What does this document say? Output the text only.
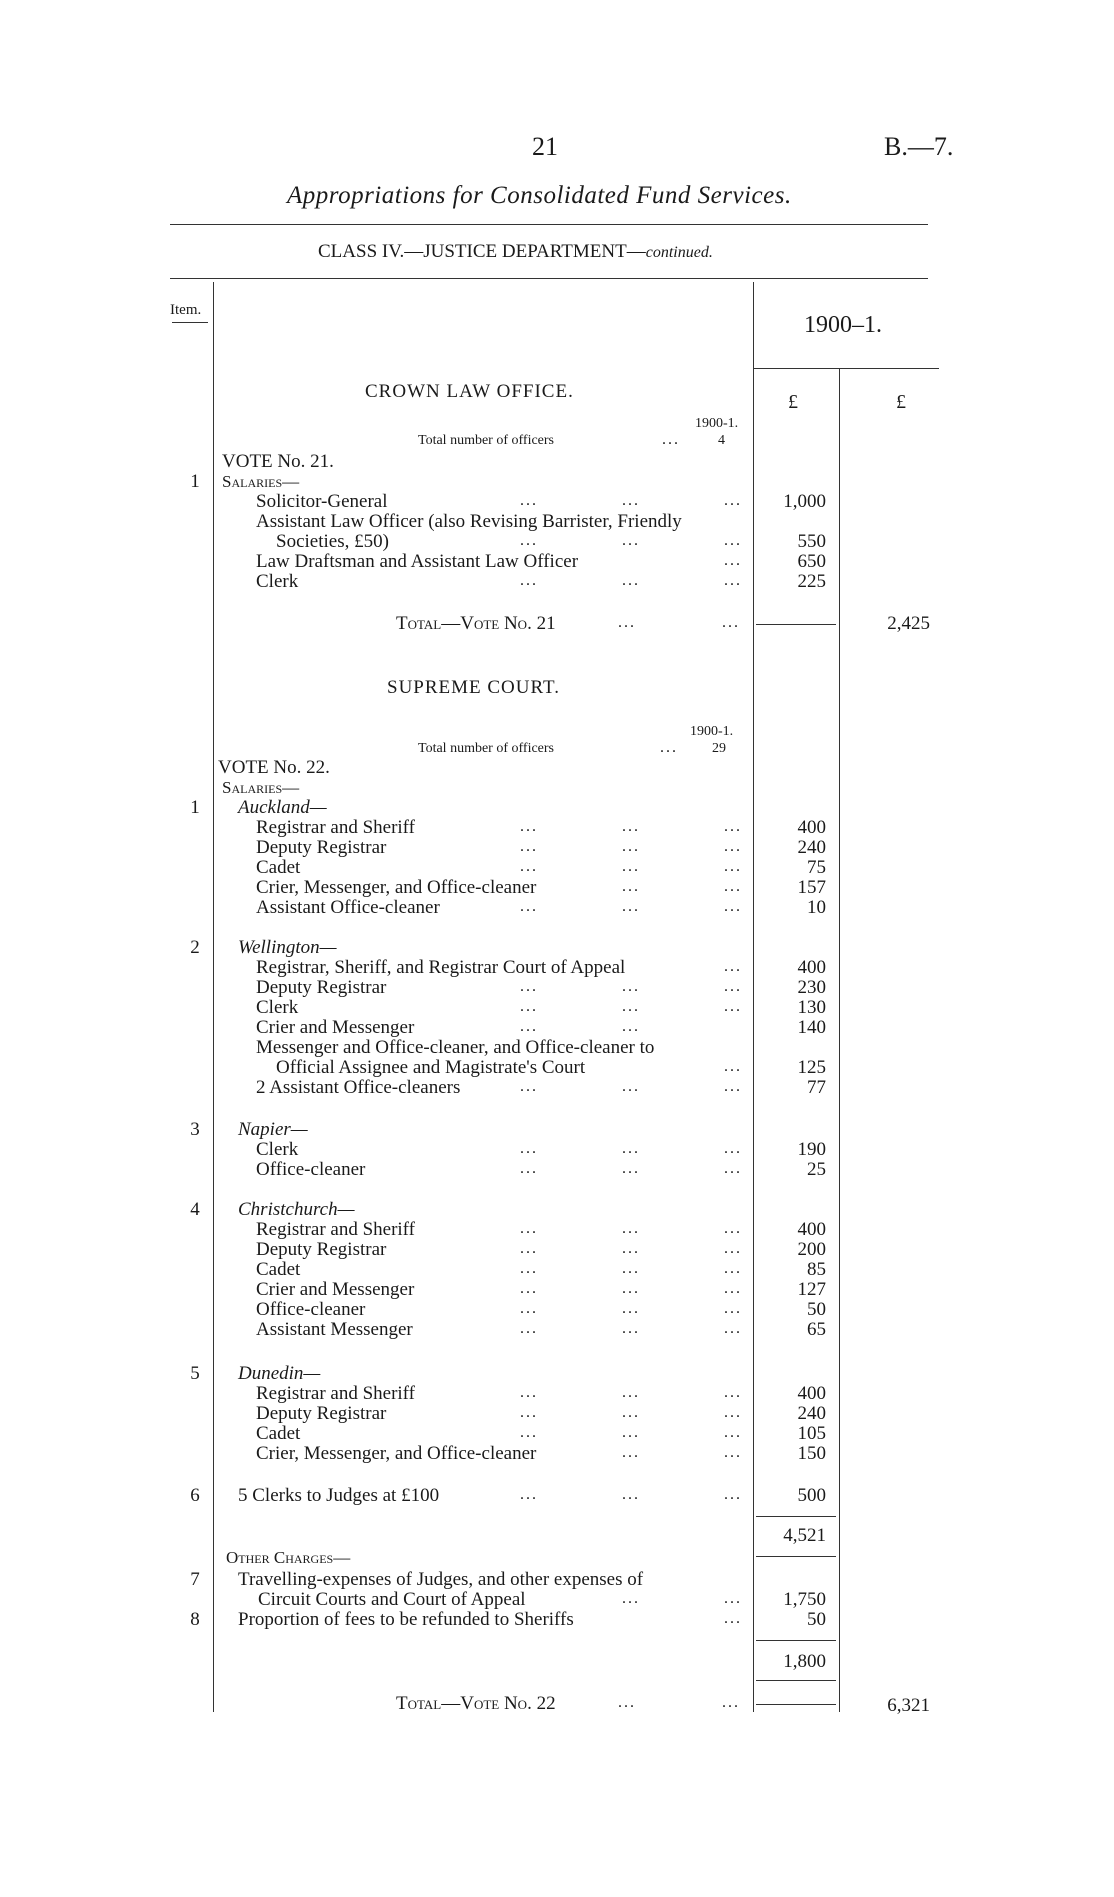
21	B.—7.
Appropriations for Consolidated Fund Services.
CLASS IV.—JUSTICE DEPARTMENT—continued.
Item.
1900–1.
£	£
CROWN LAW OFFICE.
1900-1.
Total number of officers	...	4
VOTE No. 21.
Salaries—
1
Solicitor-General	...	...	...	1,000
Assistant Law Officer (also Revising Barrister, Friendly
Societies, £50)	...	...	...	550
Law Draftsman and Assistant Law Officer	...	650
Clerk	...	...	...	225
Total—Vote No. 21	...	...	2,425
SUPREME COURT.
1900-1.
Total number of officers	... 29
VOTE No. 22.
Salaries—
1	Auckland—
Registrar and Sheriff	...	...	...	400
Deputy Registrar	...	...	...	240
Cadet	...	...	...	75
Crier, Messenger, and Office-cleaner	...	...	157
Assistant Office-cleaner	...	...	...	10
2	Wellington—
Registrar, Sheriff, and Registrar Court of Appeal	...	400
Deputy Registrar	...	...	...	230
Clerk	...	...	...	130
Crier and Messenger	...	...	140
Messenger and Office-cleaner, and Office-cleaner to
Official Assignee and Magistrate's Court	...	125
2 Assistant Office-cleaners	...	...	...	77
3	Napier—
Clerk	...	...	...	190
Office-cleaner	...	...	...	25
4	Christchurch—
Registrar and Sheriff	...	...	...	400
Deputy Registrar	...	...	...	200
Cadet	...	...	...	85
Crier and Messenger	...	...	...	127
Office-cleaner	...	...	...	50
Assistant Messenger	...	...	...	65
5	Dunedin—
Registrar and Sheriff	...	...	...	400
Deputy Registrar	...	...	...	240
Cadet	...	...	...	105
Crier, Messenger, and Office-cleaner	...	...	150
6	5 Clerks to Judges at £100	...	...	...	500
4,521
Other Charges—
7	Travelling-expenses of Judges, and other expenses of
Circuit Courts and Court of Appeal	...	...	1,750
8	Proportion of fees to be refunded to Sheriffs	...	50
1,800
Total—Vote No. 22	...	...	6,321
